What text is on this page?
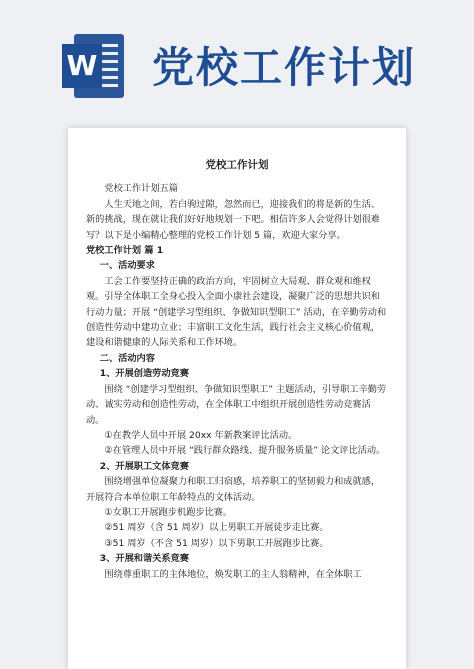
W 党校工作计划

党校工作计划

党校工作计划五篇

人生天地之间，若白驹过隙，忽然而已，迎接我们的将是新的生活、新的挑战，现在就让我们好好地规划一下吧。相信许多人会觉得计划很难写？以下是小编精心整理的党校工作计划 5 篇，欢迎大家分享。

党校工作计划 篇 1

一、活动要求

工会工作要坚持正确的政治方向，牢固树立大局观、群众观和维权观。引导全体职工全身心投入全面小康社会建设，凝聚广泛的思想共识和行动力量；开展 “创建学习型组织、争做知识型职工” 活动，在辛勤劳动和创造性劳动中建功立业；丰富职工文化生活，践行社会主义核心价值观，建设和谐健康的人际关系和工作环境。

二、活动内容

1、开展创造劳动竞赛

围绕 “创建学习型组织、争做知识型职工” 主题活动，引导职工辛勤劳动、诚实劳动和创造性劳动，在全体职工中组织开展创造性劳动竞赛活动。

①在教学人员中开展 20xx 年新教案评比活动。

②在管理人员中开展 “践行群众路线、提升服务质量” 论文评比活动。

2、开展职工文体竞赛

围绕增强单位凝聚力和职工归宿感，培养职工的坚韧毅力和成就感，开展符合本单位职工年龄特点的文体活动。

①女职工开展跑步机跑步比赛。

②51 周岁（含 51 周岁）以上男职工开展徒步走比赛。

③51 周岁（不含 51 周岁）以下男职工开展跑步比赛。

3、开展和谐关系竞赛

围绕尊重职工的主体地位，焕发职工的主人翁精神，在全体职工
